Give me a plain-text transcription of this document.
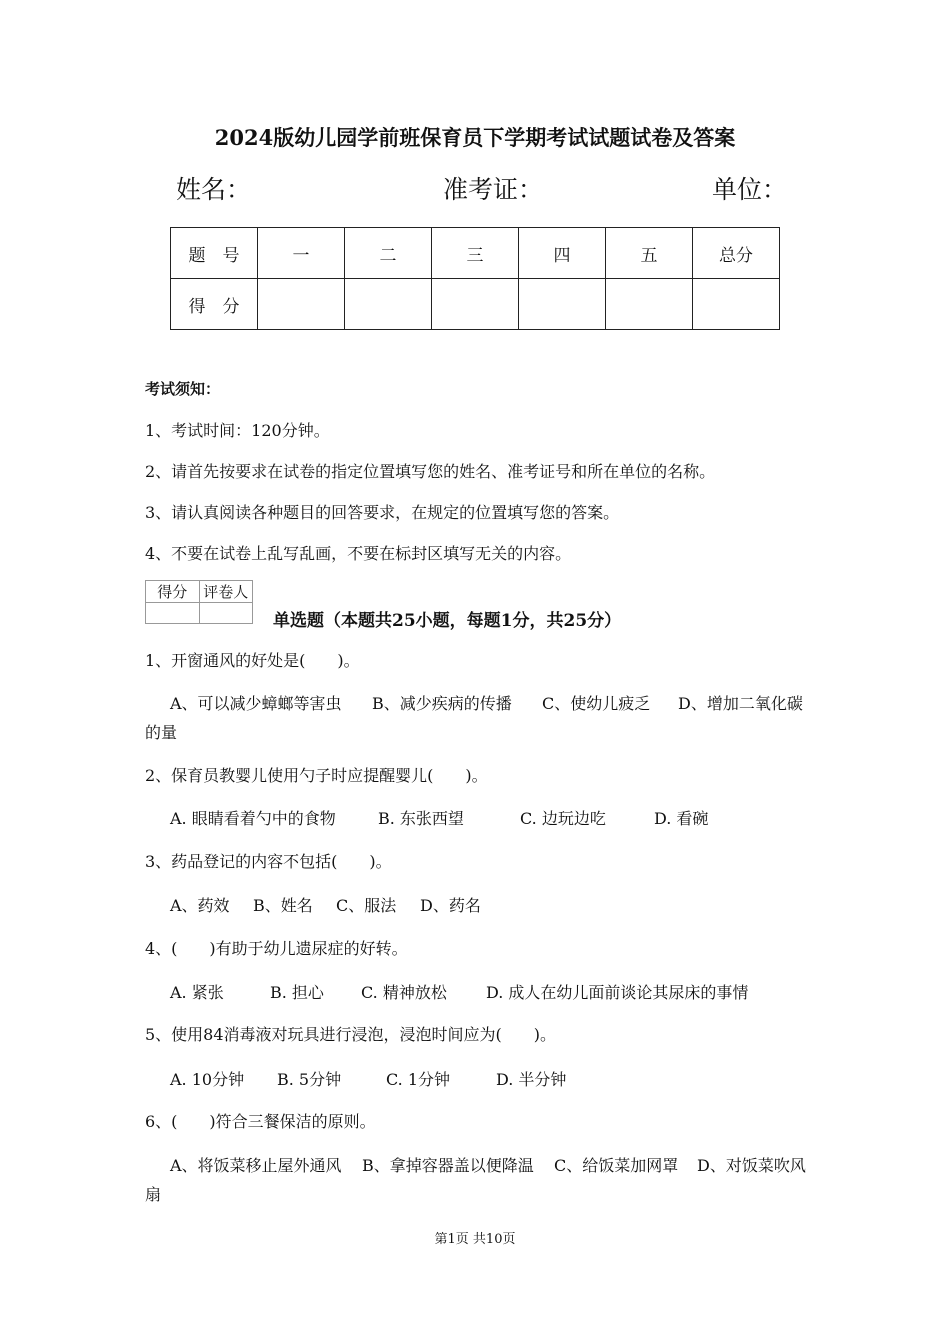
2024版幼儿园学前班保育员下学期考试试题试卷及答案
姓名：	准考证：	单位：
题　号	一	二	三	四	五	总分
得　分						
考试须知：
1、考试时间：120分钟。
2、请首先按要求在试卷的指定位置填写您的姓名、准考证号和所在单位的名称。
3、请认真阅读各种题目的回答要求，在规定的位置填写您的答案。
4、不要在试卷上乱写乱画，不要在标封区填写无关的内容。
得分	评卷人

单选题（本题共25小题，每题1分，共25分）
1、开窗通风的好处是(　　)。
A、可以减少蟑螂等害虫 B、减少疾病的传播 C、使幼儿疲乏 D、增加二氧化碳
的量
2、保育员教婴儿使用勺子时应提醒婴儿(　　)。
A. 眼睛看着勺中的食物	B. 东张西望	C. 边玩边吃	D. 看碗
3、药品登记的内容不包括(　　)。
A、药效 B、姓名 C、服法 D、药名
4、(　　)有助于幼儿遗尿症的好转。
A. 紧张	B. 担心 C. 精神放松 D. 成人在幼儿面前谈论其尿床的事情
5、使用84消毒液对玩具进行浸泡，浸泡时间应为(　　)。
A. 10分钟 B. 5分钟	C. 1分钟	D. 半分钟
6、(　　)符合三餐保洁的原则。
A、将饭菜移止屋外通风 B、拿掉容器盖以便降温 C、给饭菜加网罩 D、对饭菜吹风
扇
第1页 共10页
